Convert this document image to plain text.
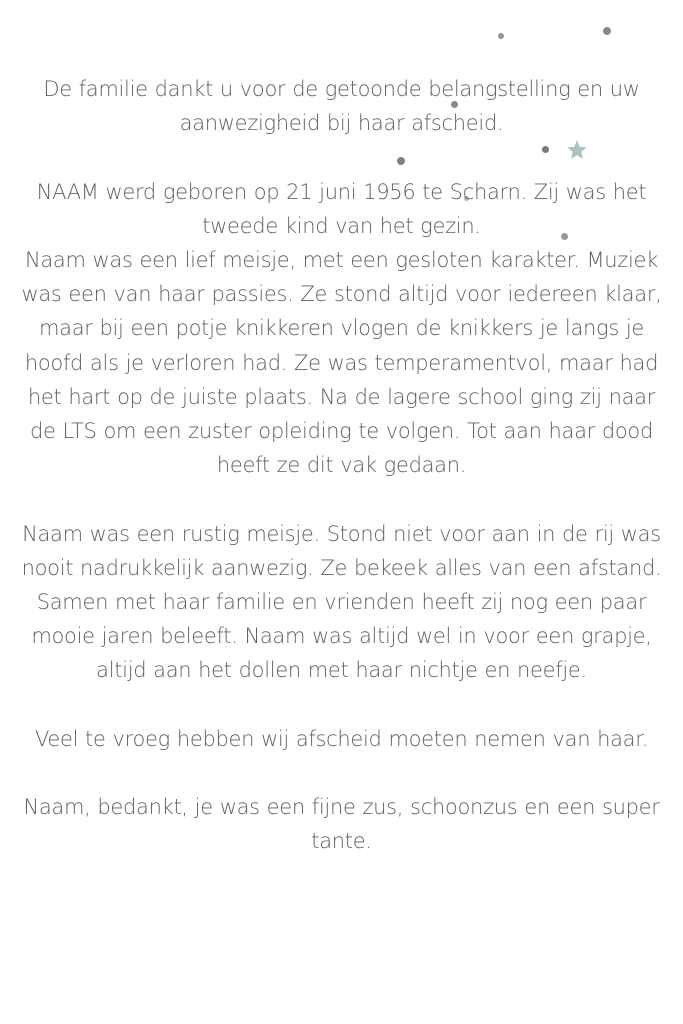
De familie dankt u voor de getoonde belangstelling en uw aanwezigheid bij haar afscheid.

NAAM werd geboren op 21 juni 1956 te Scharn. Zij was het tweede kind van het gezin.

Naam was een lief meisje, met een gesloten karakter. Muziek was een van haar passies. Ze stond altijd voor iedereen klaar, maar bij een potje knikkeren vlogen de knikkers je langs je hoofd als je verloren had. Ze was temperamentvol, maar had het hart op de juiste plaats. Na de lagere school ging zij naar de LTS om een zuster opleiding te volgen. Tot aan haar dood heeft ze dit vak gedaan.

Naam was een rustig meisje. Stond niet voor aan in de rij was nooit nadrukkelijk aanwezig. Ze bekeek alles van een afstand. Samen met haar familie en vrienden heeft zij nog een paar mooie jaren beleeft. Naam was altijd wel in voor een grapje, altijd aan het dollen met haar nichtje en neefje.

Veel te vroeg hebben wij afscheid moeten nemen van haar.

Naam, bedankt, je was een fijne zus, schoonzus en een super tante.
